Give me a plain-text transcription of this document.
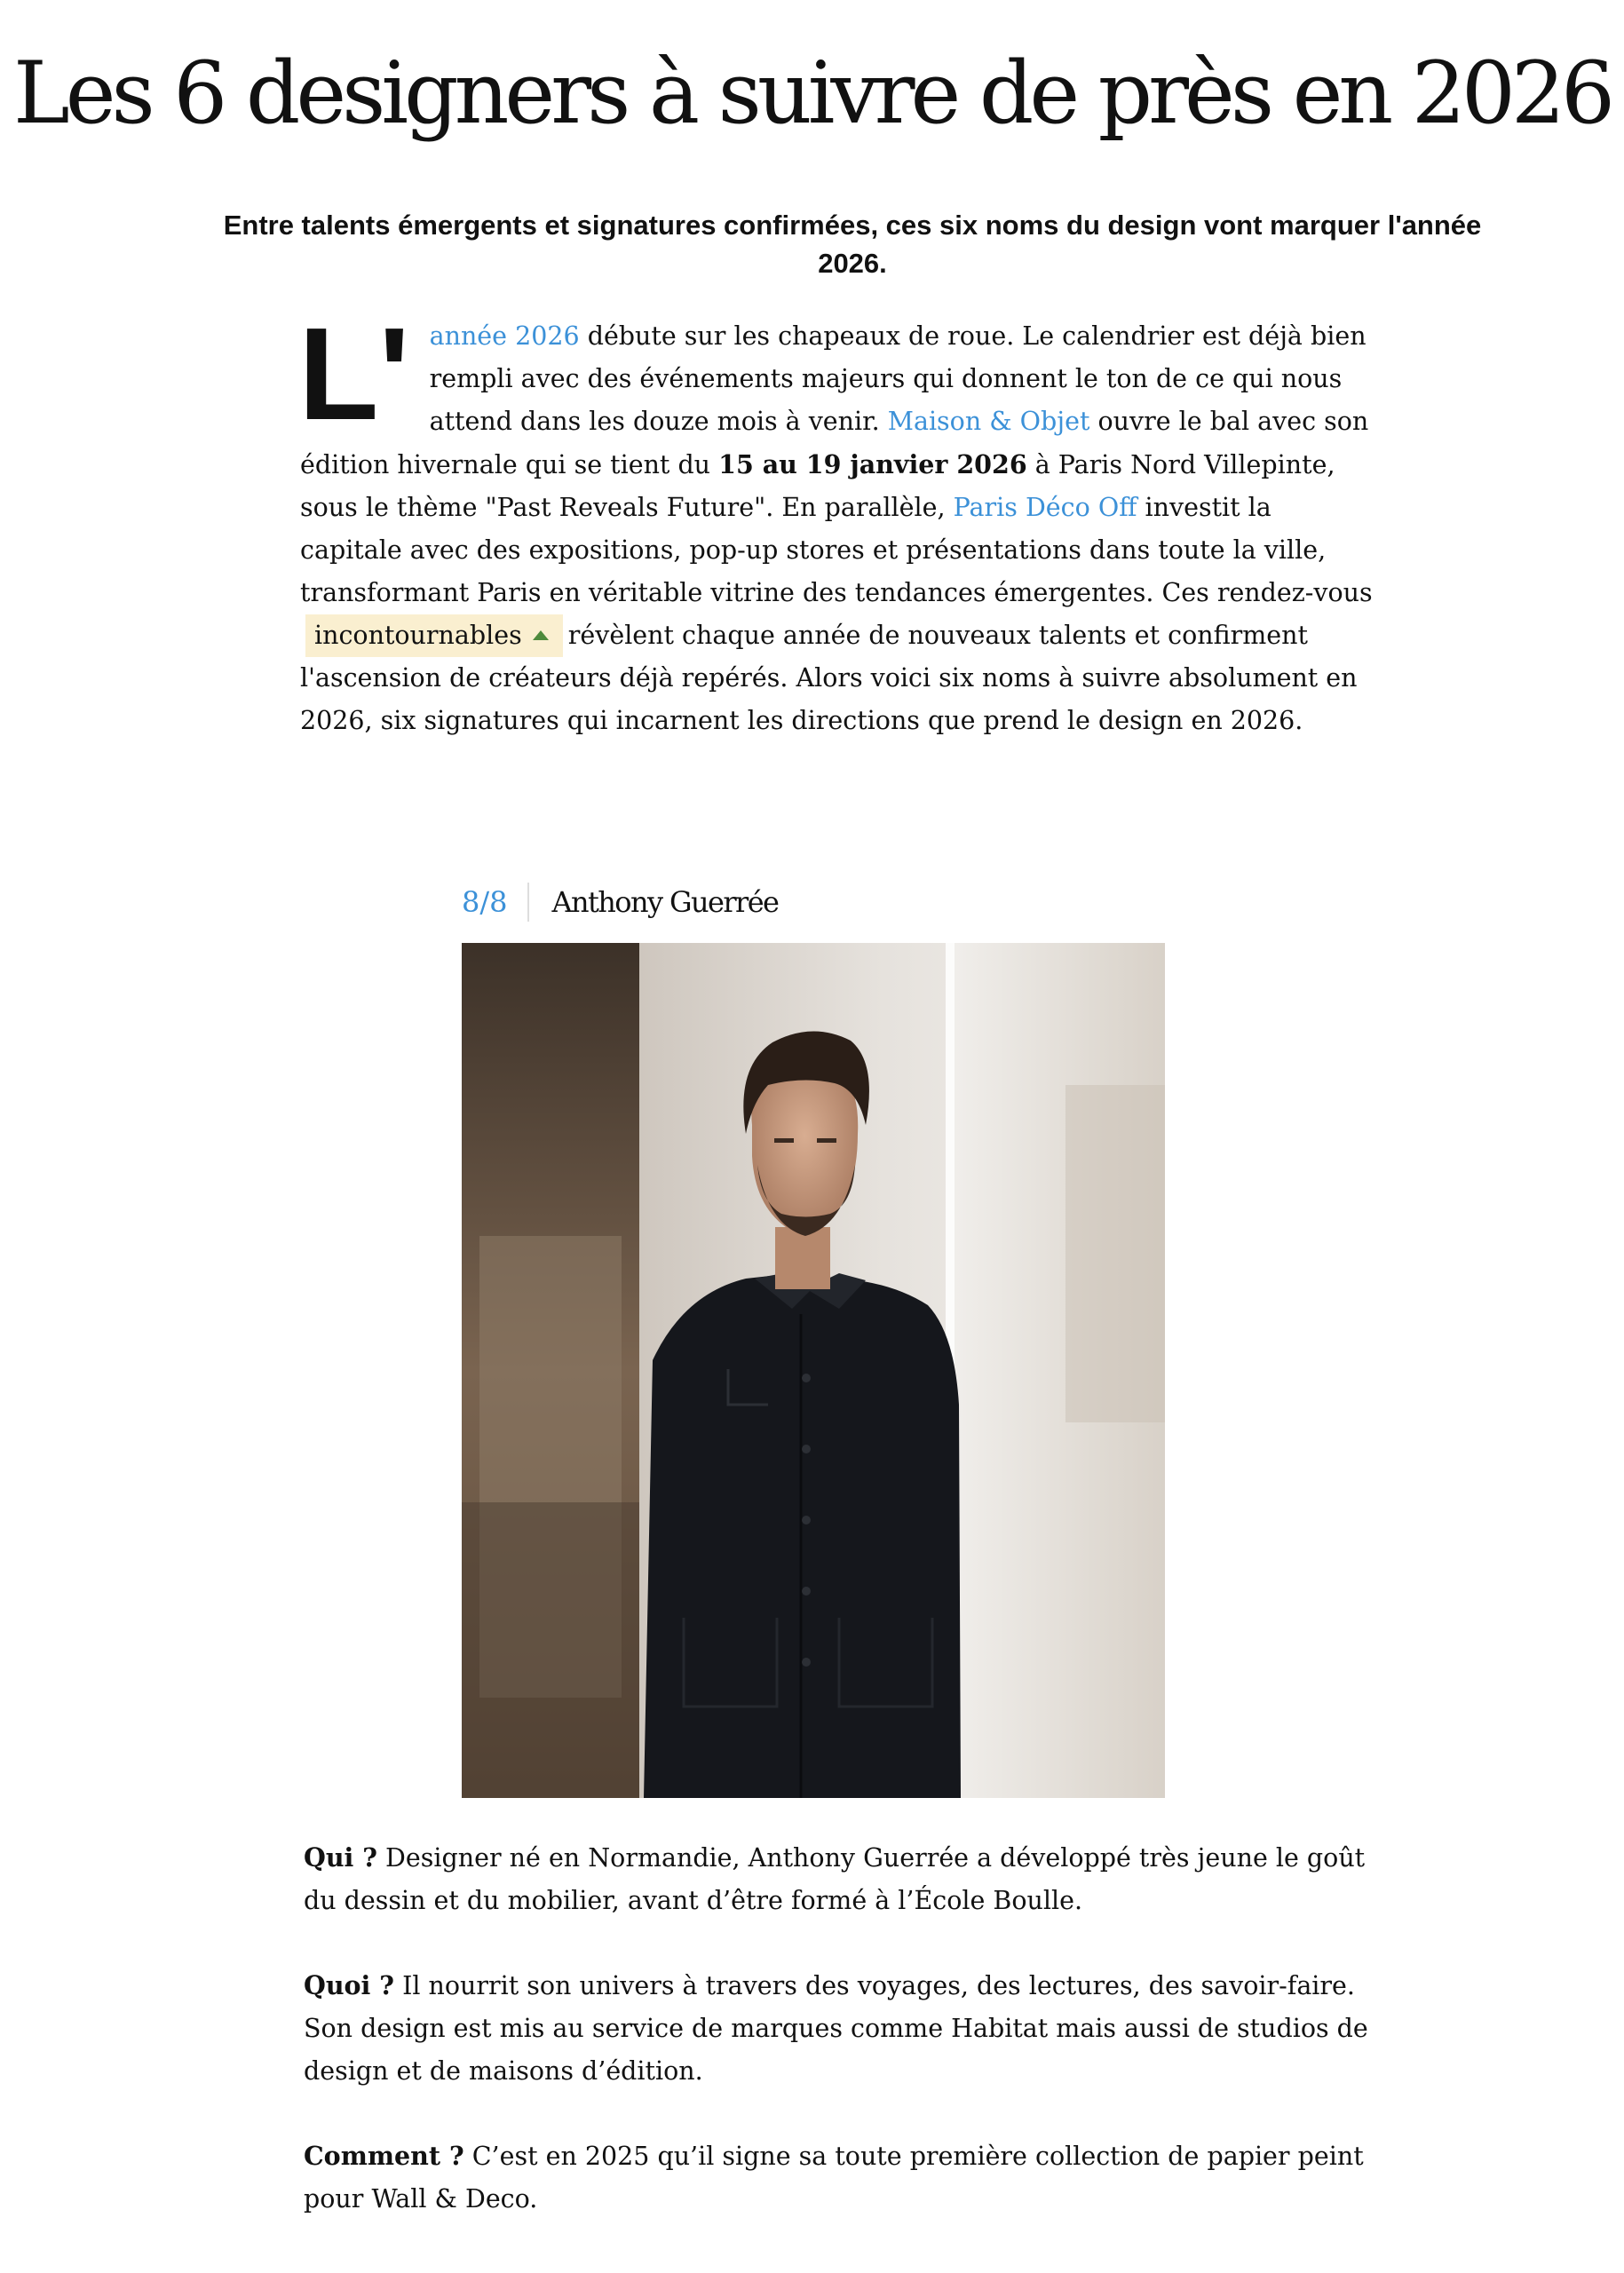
Les 6 designers à suivre de près en 2026

Entre talents émergents et signatures confirmées, ces six noms du design vont marquer l'année 2026.

L' année 2026 débute sur les chapeaux de roue. Le calendrier est déjà bien rempli avec des événements majeurs qui donnent le ton de ce qui nous attend dans les douze mois à venir. Maison & Objet ouvre le bal avec son édition hivernale qui se tient du 15 au 19 janvier 2026 à Paris Nord Villepinte, sous le thème "Past Reveals Future". En parallèle, Paris Déco Off investit la capitale avec des expositions, pop-up stores et présentations dans toute la ville, transformant Paris en véritable vitrine des tendances émergentes. Ces rendez-vousincontournables révèlent chaque année de nouveaux talents et confirment l'ascension de créateurs déjà repérés. Alors voici six noms à suivre absolument en 2026, six signatures qui incarnent les directions que prend le design en 2026.

8/8	Anthony Guerrée

Qui ? Designer né en Normandie, Anthony Guerrée a développé très jeune le goût du dessin et du mobilier, avant d’être formé à l’École Boulle.

Quoi ? Il nourrit son univers à travers des voyages, des lectures, des savoir-faire. Son design est mis au service de marques comme Habitat mais aussi de studios de design et de maisons d’édition.

Comment ? C’est en 2025 qu’il signe sa toute première collection de papier peint pour Wall & Deco.
